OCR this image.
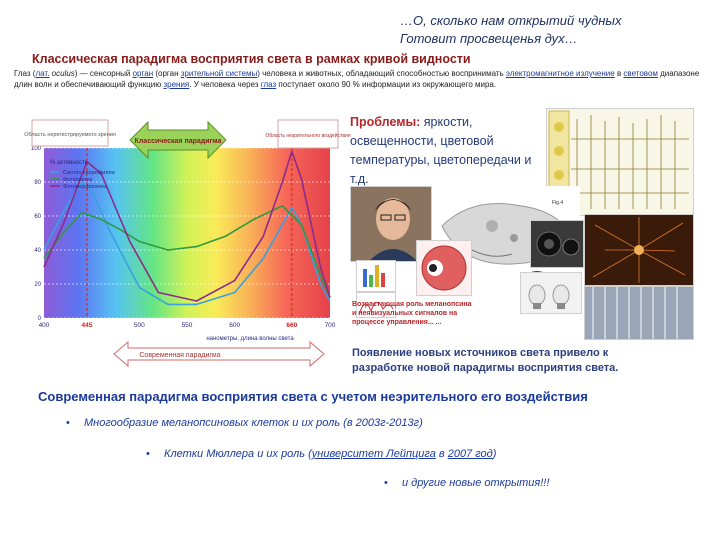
…О, сколько нам открытий чудных
Готовит просвещенья дух…
Классическая парадигма восприятия света в рамках кривой видности
Глаз (лат. oculus) — сенсорный орган (орган зрительной системы) человека и животных, обладающий способностью воспринимать электромагнитное излучение в световом диапазоне длин волн и обеспечивающий функцию зрения. У человека через глаз поступает около 90 % информации из окружающего мира.
0
20
40
60
80
100
400	445	500	550	600	660	700
Область нерегистрируемого зрения	Область незрительного воздействия
Классическая парадигма
% активность
Синтез хлорофилла
Фотосинтез
Фотоморфогенез
нанометры, длина волны света
Современная парадигма
Проблемы: яркости, освещенности, цветовой температуры, цветопередачи и т.д.
Fig.4
Возрастающая роль меланопсина и неявизуальных сигналов на процессе управления... ...
Появление новых источников света привело к разработке новой парадигмы восприятия света.
Современная парадигма восприятия света с учетом неэрительного его воздействия
• Многообразие меланопсиновых клеток и их роль (в 2003г-2013г)
• Клетки Мюллера и их роль (университет Лейпцига в 2007 год)
• и другие новые открытия!!!
